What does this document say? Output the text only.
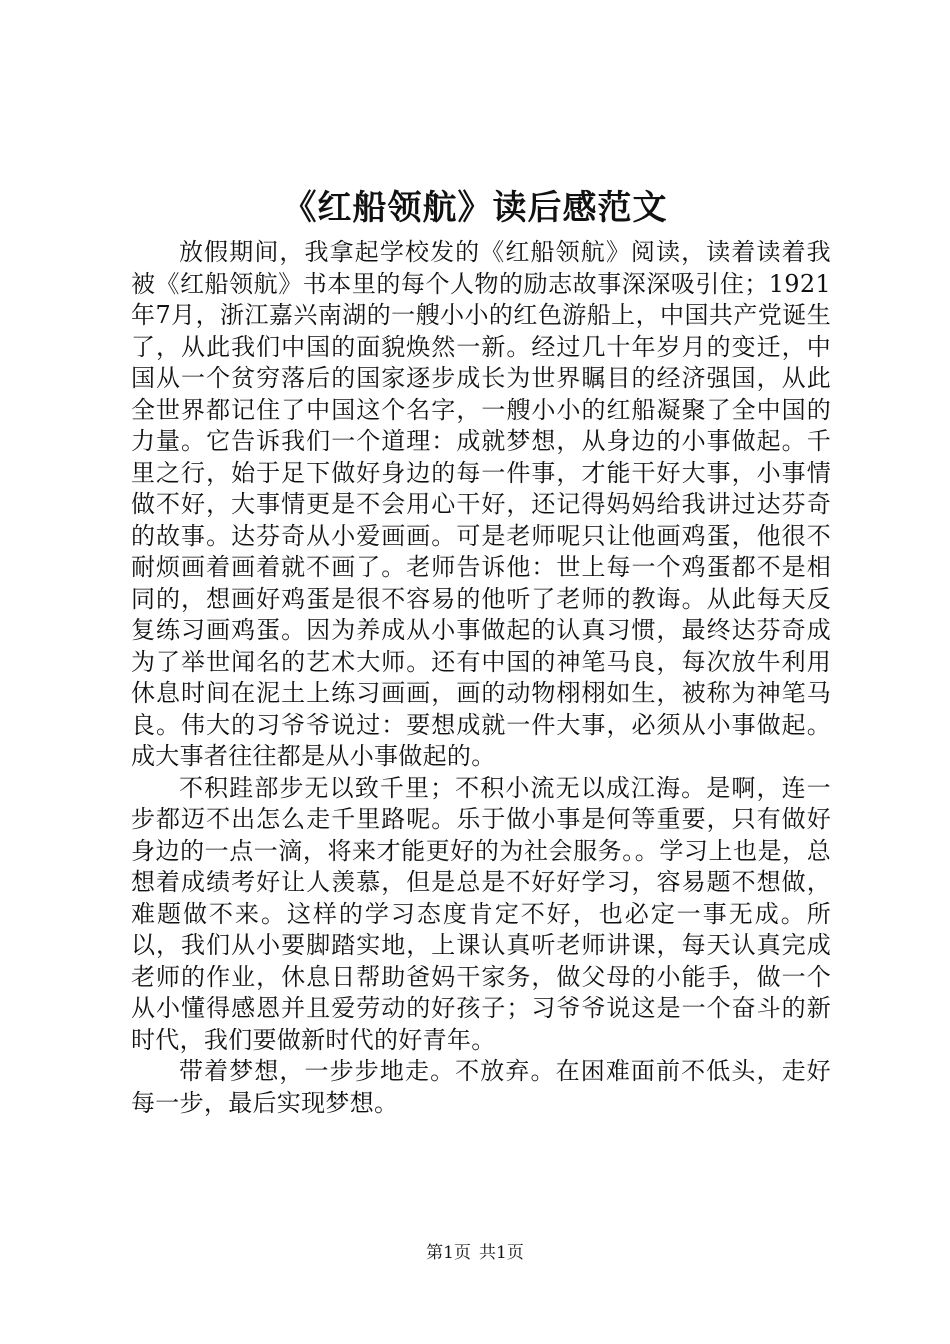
《红船领航》读后感范文

放假期间，我拿起学校发的《红船领航》阅读，读着读着我被《红船领航》书本里的每个人物的励志故事深深吸引住；1921年7月，浙江嘉兴南湖的一艘小小的红色游船上，中国共产党诞生了，从此我们中国的面貌焕然一新。经过几十年岁月的变迁，中国从一个贫穷落后的国家逐步成长为世界瞩目的经济强国，从此全世界都记住了中国这个名字，一艘小小的红船凝聚了全中国的力量。它告诉我们一个道理：成就梦想，从身边的小事做起。千里之行，始于足下做好身边的每一件事，才能干好大事，小事情做不好，大事情更是不会用心干好，还记得妈妈给我讲过达芬奇的故事。达芬奇从小爱画画。可是老师呢只让他画鸡蛋，他很不耐烦画着画着就不画了。老师告诉他：世上每一个鸡蛋都不是相同的，想画好鸡蛋是很不容易的他听了老师的教诲。从此每天反复练习画鸡蛋。因为养成从小事做起的认真习惯，最终达芬奇成为了举世闻名的艺术大师。还有中国的神笔马良，每次放牛利用休息时间在泥土上练习画画，画的动物栩栩如生，被称为神笔马良。伟大的习爷爷说过：要想成就一件大事，必须从小事做起。成大事者往往都是从小事做起的。

不积跬部步无以致千里；不积小流无以成江海。是啊，连一步都迈不出怎么走千里路呢。乐于做小事是何等重要，只有做好身边的一点一滴，将来才能更好的为社会服务。。学习上也是，总想着成绩考好让人羡慕，但是总是不好好学习，容易题不想做，难题做不来。这样的学习态度肯定不好，也必定一事无成。所以，我们从小要脚踏实地，上课认真听老师讲课，每天认真完成老师的作业，休息日帮助爸妈干家务，做父母的小能手，做一个从小懂得感恩并且爱劳动的好孩子；习爷爷说这是一个奋斗的新时代，我们要做新时代的好青年。

带着梦想，一步步地走。不放弃。在困难面前不低头，走好每一步，最后实现梦想。

第1页 共1页
